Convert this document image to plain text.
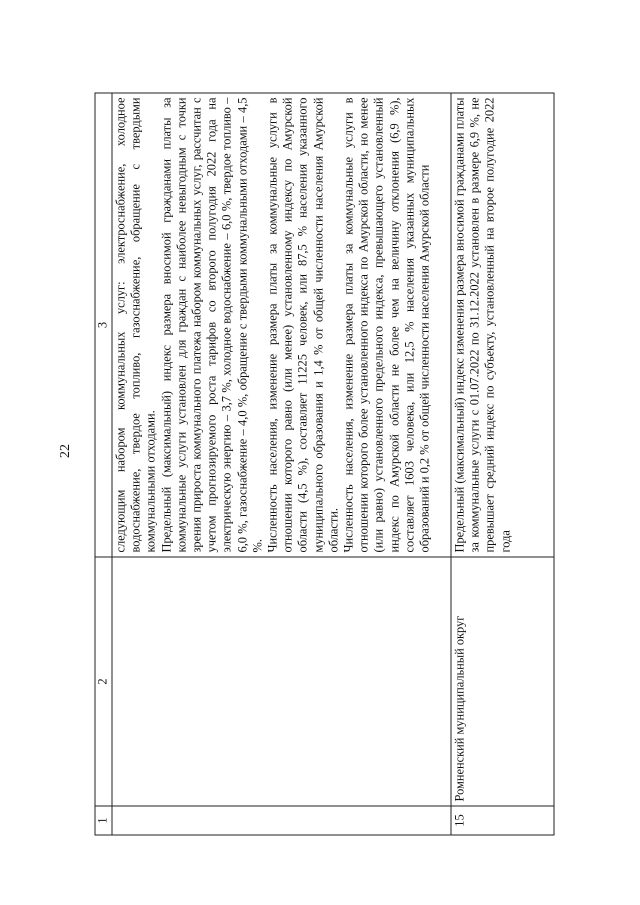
22
1	2	3

		следующим набором коммунальных услуг: электроснабжение, холодное водоснабжение, твердое топливо, газоснабжение, обращение с твердыми коммунальными отходами. Предельный (максимальный) индекс размера вносимой гражданами платы за коммунальные услуги установлен для граждан с наиболее невыгодным с точки зрения прироста коммунального платежа набором коммунальных услуг, рассчитан с учетом прогнозируемого роста тарифов со второго полугодия 2022 года на электрическую энергию – 3,7 %, холодное водоснабжение – 6,0 %, твердое топливо – 6,0 %, газоснабжение – 4,0 %, обращение с твердыми коммунальными отходами – 4,5 %. Численность населения, изменение размера платы за коммунальные услуги в отношении которого равно (или менее) установленному индексу по Амурской области (4,5 %), составляет 11225 человек, или 87,5 % населения указанного муниципального образования и 1,4 % от общей численности населения Амурской области. Численность населения, изменение размера платы за коммунальные услуги в отношении которого более установленного индекса по Амурской области, но менее (или равно) установленного предельного индекса, превышающего установленный индекс по Амурской области не более чем на величину отклонения (6,9 %), составляет 1603 человека, или 12,5 % населения указанных муниципальных образований и 0,2 % от общей численности населения Амурской области

15	Ромненский муниципальный округ	Предельный (максимальный) индекс изменения размера вносимой гражданами платы за коммунальные услуги с 01.07.2022 по 31.12.2022 установлен в размере 6,9 %, не превышает средний индекс по субъекту, установленный на второе полугодие 2022 года
